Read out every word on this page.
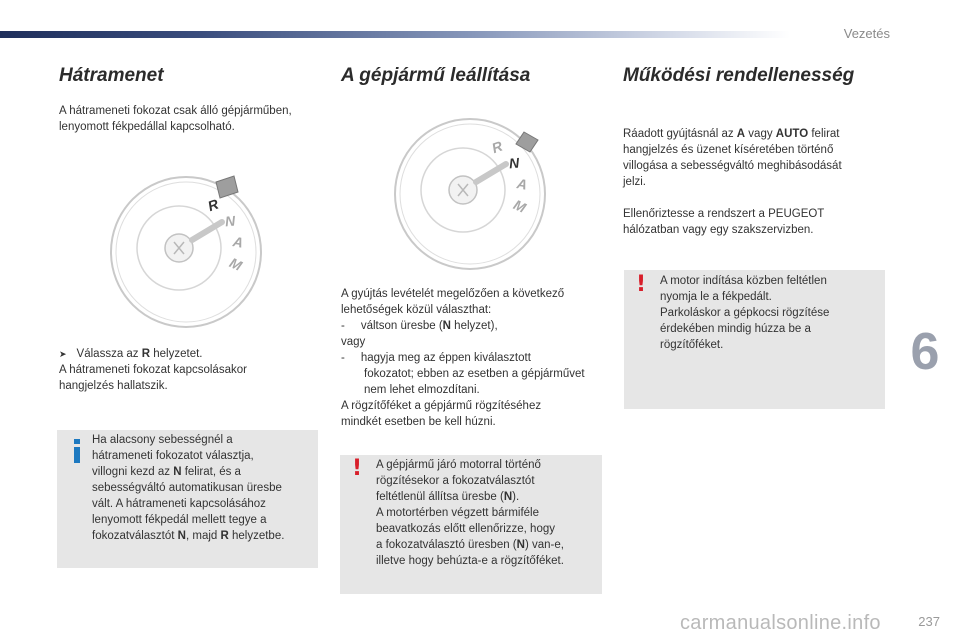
Vezetés
6
237
Hátramenet

A hátrameneti fokozat csak álló gépjárműben,
lenyomott fékpedállal kapcsolható.

R
N
A
M
➤ Válassza az R helyzetet.

A hátrameneti fokozat kapcsolásakor
hangjelzés hallatszik.

Ha alacsony sebességnél a
hátrameneti fokozatot választja,
villogni kezd az N felirat, és a
sebességváltó automatikusan üresbe
vált. A hátrameneti kapcsolásához
lenyomott fékpedál mellett tegye a
fokozatválasztót N, majd R helyzetbe.
A gépjármű leállítása
R
N
A
M

A gyújtás levételét megelőzően a következő
lehetőségek közül választhat:
- váltson üresbe (N helyzet),
vagy
- hagyja meg az éppen kiválasztott
fokozatot; ebben az esetben a gépjárművet
nem lehet elmozdítani.
A rögzítőféket a gépjármű rögzítéséhez
mindkét esetben be kell húzni.

! A gépjármű járó motorral történő
rögzítésekor a fokozatválasztót
feltétlenül állítsa üresbe (N).
A motortérben végzett bármiféle
beavatkozás előtt ellenőrizze, hogy
a fokozatválasztó üresben (N) van-e,
illetve hogy behúzta-e a rögzítőféket.
Működési rendellenesség

Ráadott gyújtásnál az A vagy AUTO felirat
hangjelzés és üzenet kíséretében történő
villogása a sebességváltó meghibásodását
jelzi.

Ellenőriztesse a rendszert a PEUGEOT
hálózatban vagy egy szakszervizben.

! A motor indítása közben feltétlen
nyomja le a fékpedált.
Parkoláskor a gépkocsi rögzítése
érdekében mindig húzza be a
rögzítőféket.
carmanualsonline.info
